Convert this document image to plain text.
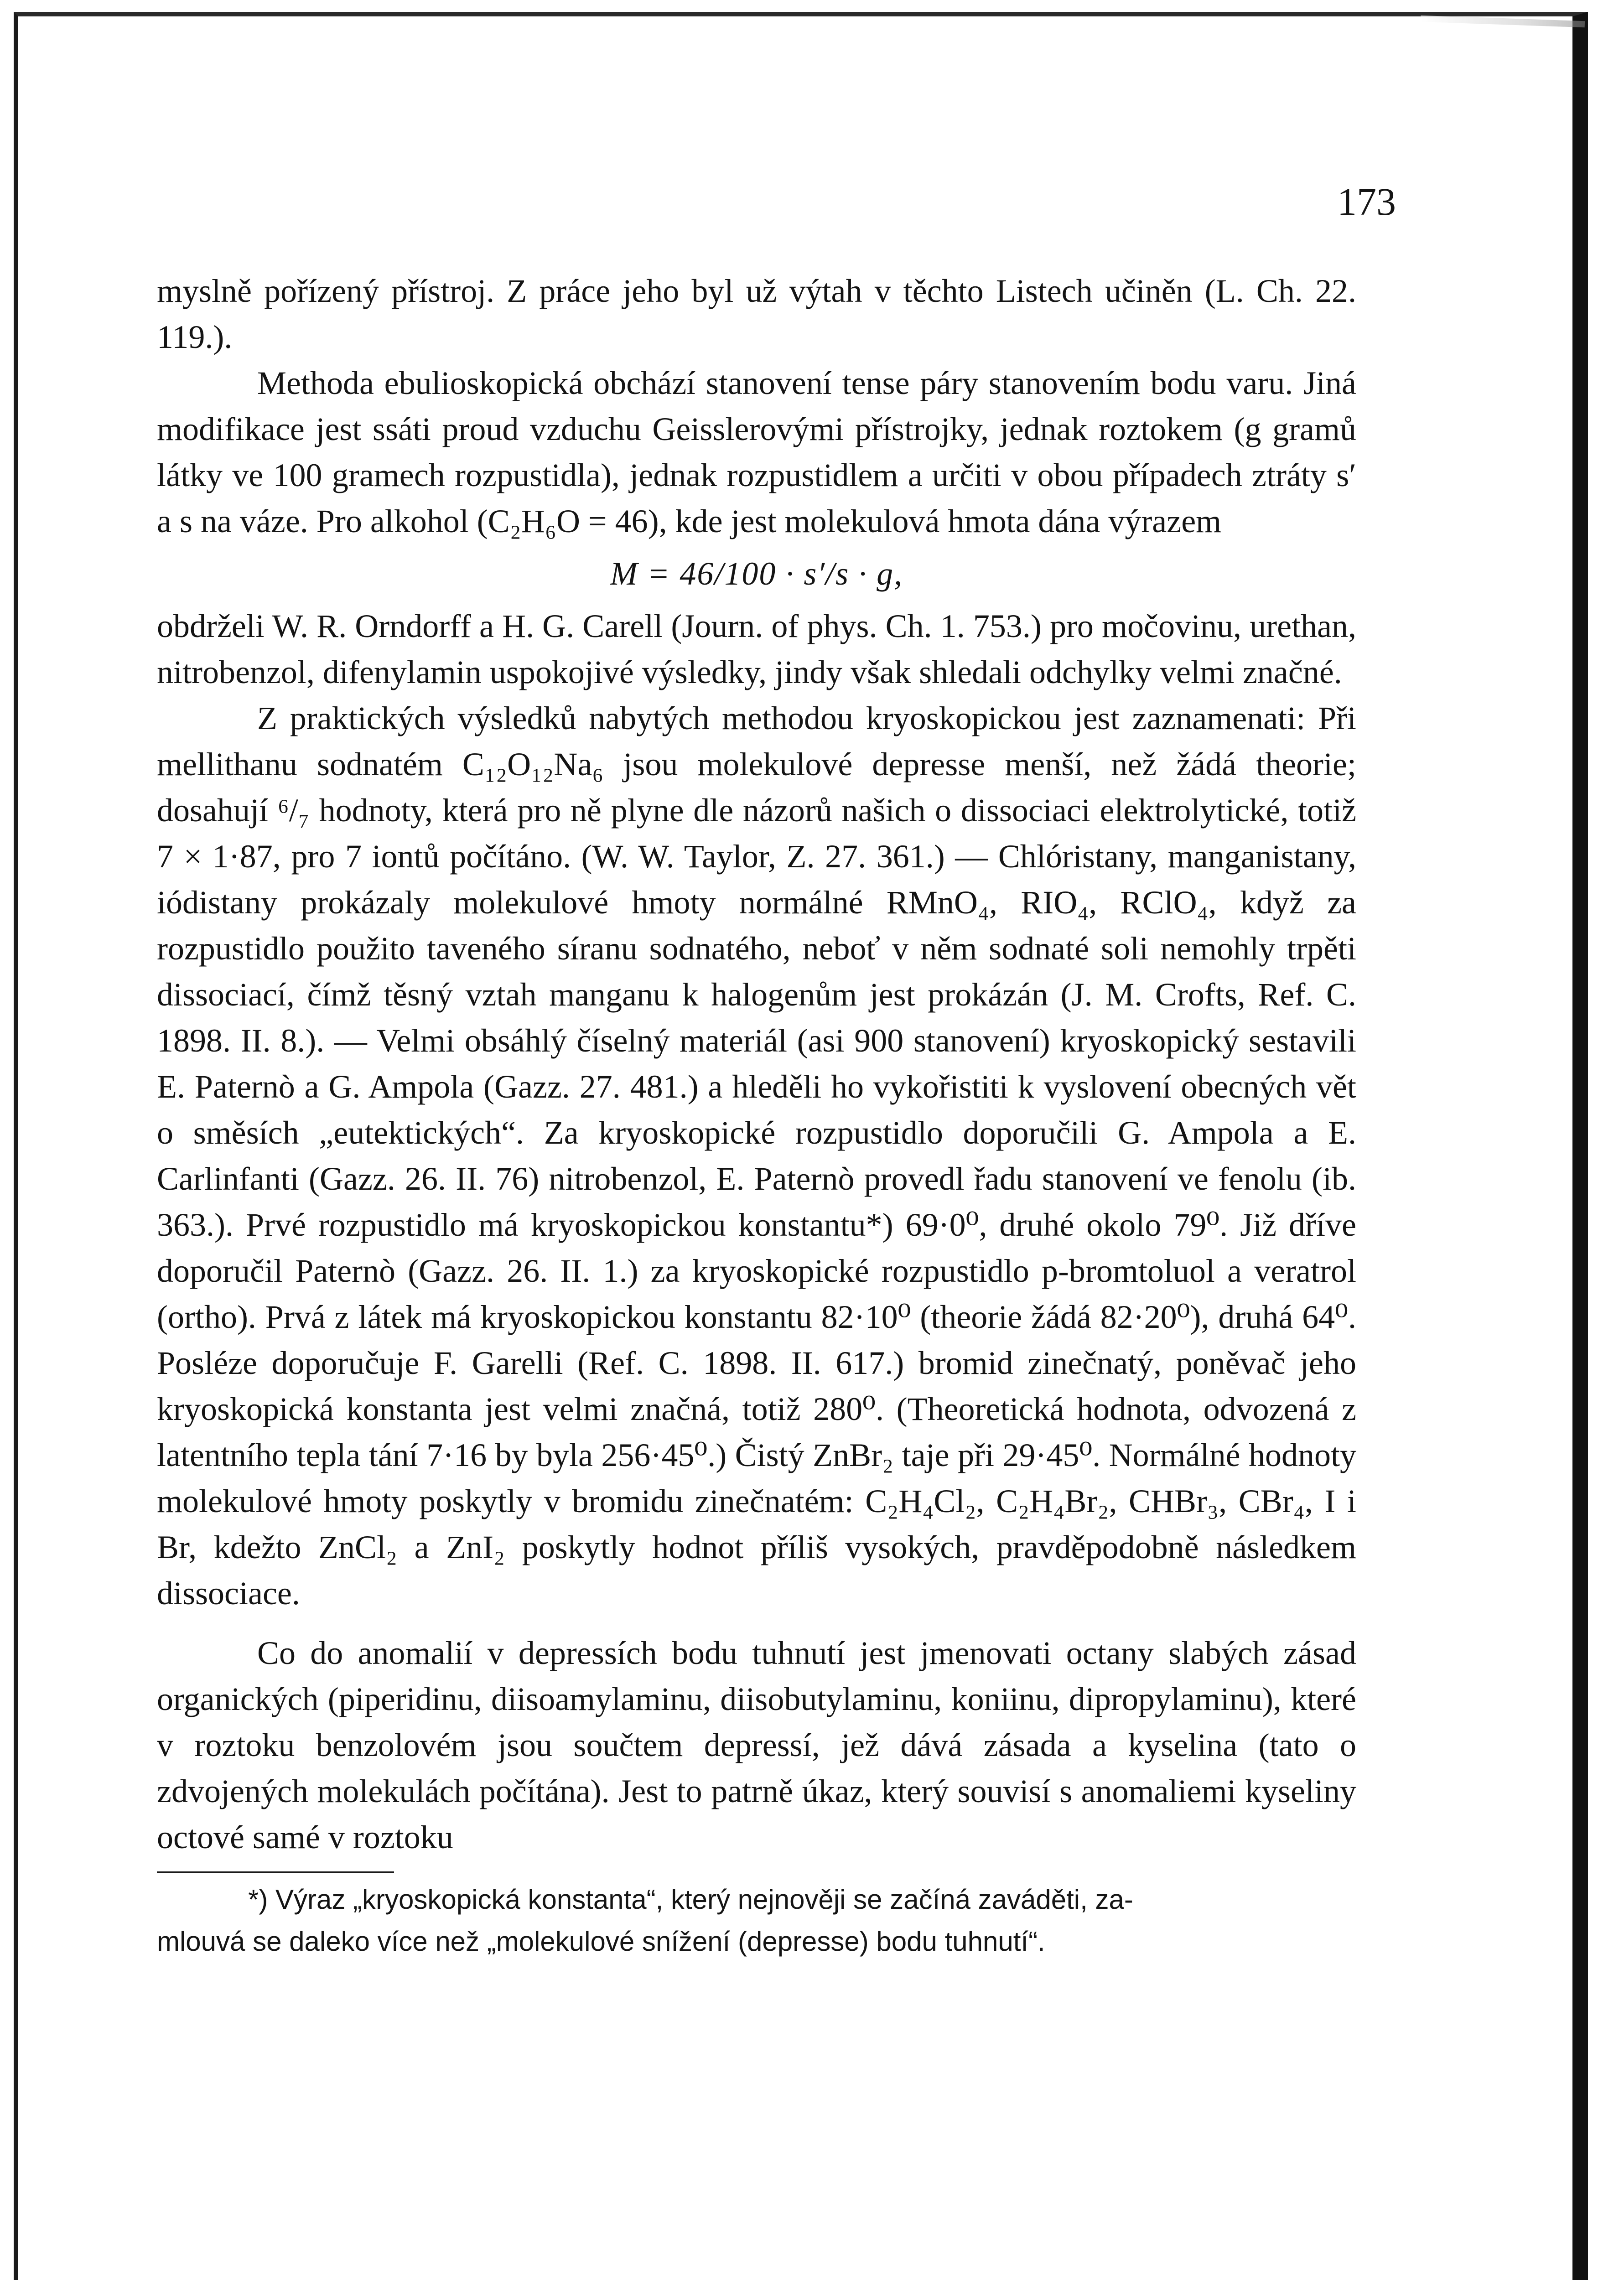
173

myslně pořízený přístroj. Z práce jeho byl už výtah v těchto Listech učiněn (L. Ch. 22. 119.).

Methoda ebulioskopická obchází stanovení tense páry stanovením bodu varu. Jiná modifikace jest ssáti proud vzduchu Geisslerovými přístrojky, jednak roztokem (g gramů látky ve 100 gramech rozpustidla), jednak rozpustidlem a určiti v obou případech ztráty s′ a s na váze. Pro alkohol (C₂H₆O = 46), kde jest molekulová hmota dána výrazem

M = 46/100 · s′/s · g,

obdrželi W. R. Orndorff a H. G. Carell (Journ. of phys. Ch. 1. 753.) pro močovinu, urethan, nitrobenzol, difenylamin uspokojivé výsledky, jindy však shledali odchylky velmi značné.

Z praktických výsledků nabytých methodou kryoskopickou jest zaznamenati: Při mellithanu sodnatém C₁₂O₁₂Na₆ jsou molekulové depresse menší, než žádá theorie; dosahují ⁶/₇ hodnoty, která pro ně plyne dle názorů našich o dissociaci elektrolytické, totiž 7 × 1·87, pro 7 iontů počítáno. (W. W. Taylor, Z. 27. 361.) — Chlóristany, manganistany, iódistany prokázaly molekulové hmoty normálné RMnO₄, RIO₄, RClO₄, když za rozpustidlo použito taveného síranu sodnatého, neboť v něm sodnaté soli nemohly trpěti dissociací, čímž těsný vztah manganu k halogenům jest prokázán (J. M. Crofts, Ref. C. 1898. II. 8.). — Velmi obsáhlý číselný materiál (asi 900 stanovení) kryoskopický sestavili E. Paternò a G. Ampola (Gazz. 27. 481.) a hleděli ho vykořistiti k vyslovení obecných vět o směsích „eutektických“. Za kryoskopické rozpustidlo doporučili G. Ampola a E. Carlinfanti (Gazz. 26. II. 76) nitrobenzol, E. Paternò provedl řadu stanovení ve fenolu (ib. 363.). Prvé rozpustidlo má kryoskopickou konstantu*) 69·0⁰, druhé okolo 79⁰. Již dříve doporučil Paternò (Gazz. 26. II. 1.) za kryoskopické rozpustidlo p-bromtoluol a veratrol (ortho). Prvá z látek má kryoskopickou konstantu 82·10⁰ (theorie žádá 82·20⁰), druhá 64⁰. Posléze doporučuje F. Garelli (Ref. C. 1898. II. 617.) bromid zinečnatý, poněvač jeho kryoskopická konstanta jest velmi značná, totiž 280⁰. (Theoretická hodnota, odvozená z latentního tepla tání 7·16 by byla 256·45⁰.) Čistý ZnBr₂ taje při 29·45⁰. Normálné hodnoty molekulové hmoty poskytly v bromidu zinečnatém: C₂H₄Cl₂, C₂H₄Br₂, CHBr₃, CBr₄, I i Br, kdežto ZnCl₂ a ZnI₂ poskytly hodnot příliš vysokých, pravděpodobně následkem dissociace.

Co do anomalií v depressích bodu tuhnutí jest jmenovati octany slabých zásad organických (piperidinu, diisoamylaminu, diisobutylaminu, koniinu, dipropylaminu), které v roztoku benzolovém jsou součtem depressí, jež dává zásada a kyselina (tato o zdvojených molekulách počítána). Jest to patrně úkaz, který souvisí s anomaliemi kyseliny octové samé v roztoku

*) Výraz „kryoskopická konstanta“, který nejnověji se začíná zaváděti, za-
mlouvá se daleko více než „molekulové snížení (depresse) bodu tuhnutí“.
